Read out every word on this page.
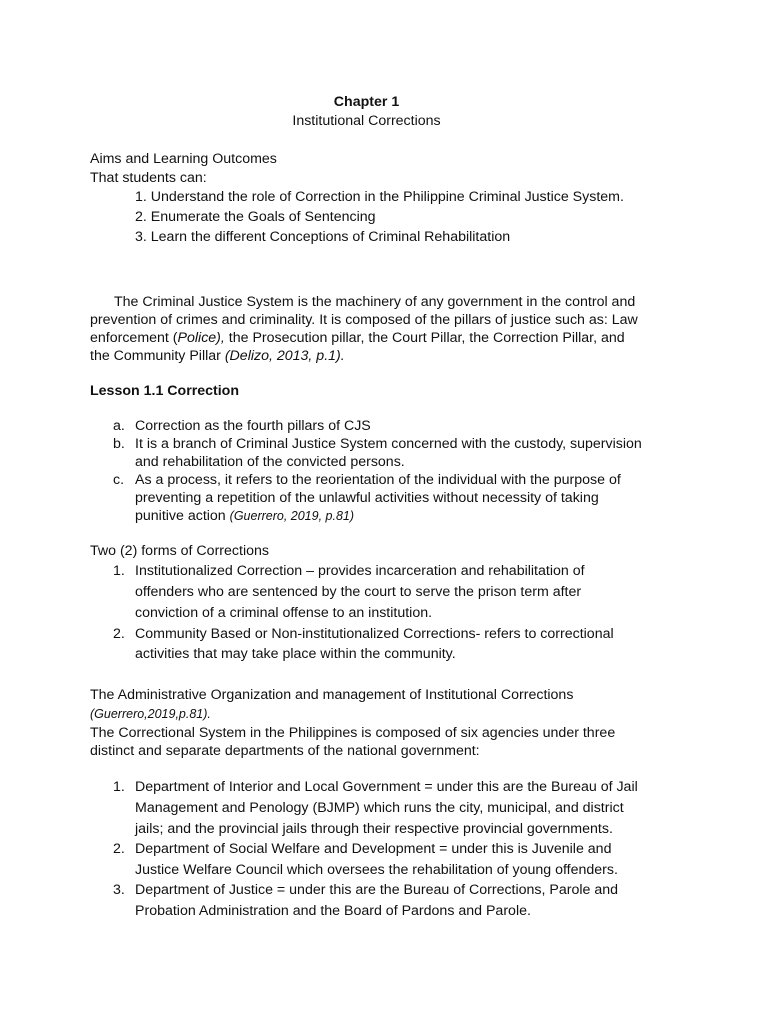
Chapter 1
Institutional Corrections
Aims and Learning Outcomes
That students can:
1. Understand the role of Correction in the Philippine Criminal Justice System.
2. Enumerate the Goals of Sentencing
3. Learn the different Conceptions of Criminal Rehabilitation
The Criminal Justice System is the machinery of any government in the control and
prevention of crimes and criminality. It is composed of the pillars of justice such as: Law
enforcement (Police), the Prosecution pillar, the Court Pillar, the Correction Pillar, and
the Community Pillar (Delizo, 2013, p.1).
Lesson 1.1 Correction
a. Correction as the fourth pillars of CJS
b. It is a branch of Criminal Justice System concerned with the custody, supervision
and rehabilitation of the convicted persons.
c. As a process, it refers to the reorientation of the individual with the purpose of
preventing a repetition of the unlawful activities without necessity of taking
punitive action (Guerrero, 2019, p.81)
Two (2) forms of Corrections
1. Institutionalized Correction – provides incarceration and rehabilitation of
offenders who are sentenced by the court to serve the prison term after
conviction of a criminal offense to an institution.
2. Community Based or Non-institutionalized Corrections- refers to correctional
activities that may take place within the community.
The Administrative Organization and management of Institutional Corrections
(Guerrero,2019,p.81).
The Correctional System in the Philippines is composed of six agencies under three
distinct and separate departments of the national government:
1. Department of Interior and Local Government = under this are the Bureau of Jail
Management and Penology (BJMP) which runs the city, municipal, and district
jails; and the provincial jails through their respective provincial governments.
2. Department of Social Welfare and Development = under this is Juvenile and
Justice Welfare Council which oversees the rehabilitation of young offenders.
3. Department of Justice = under this are the Bureau of Corrections, Parole and
Probation Administration and the Board of Pardons and Parole.
